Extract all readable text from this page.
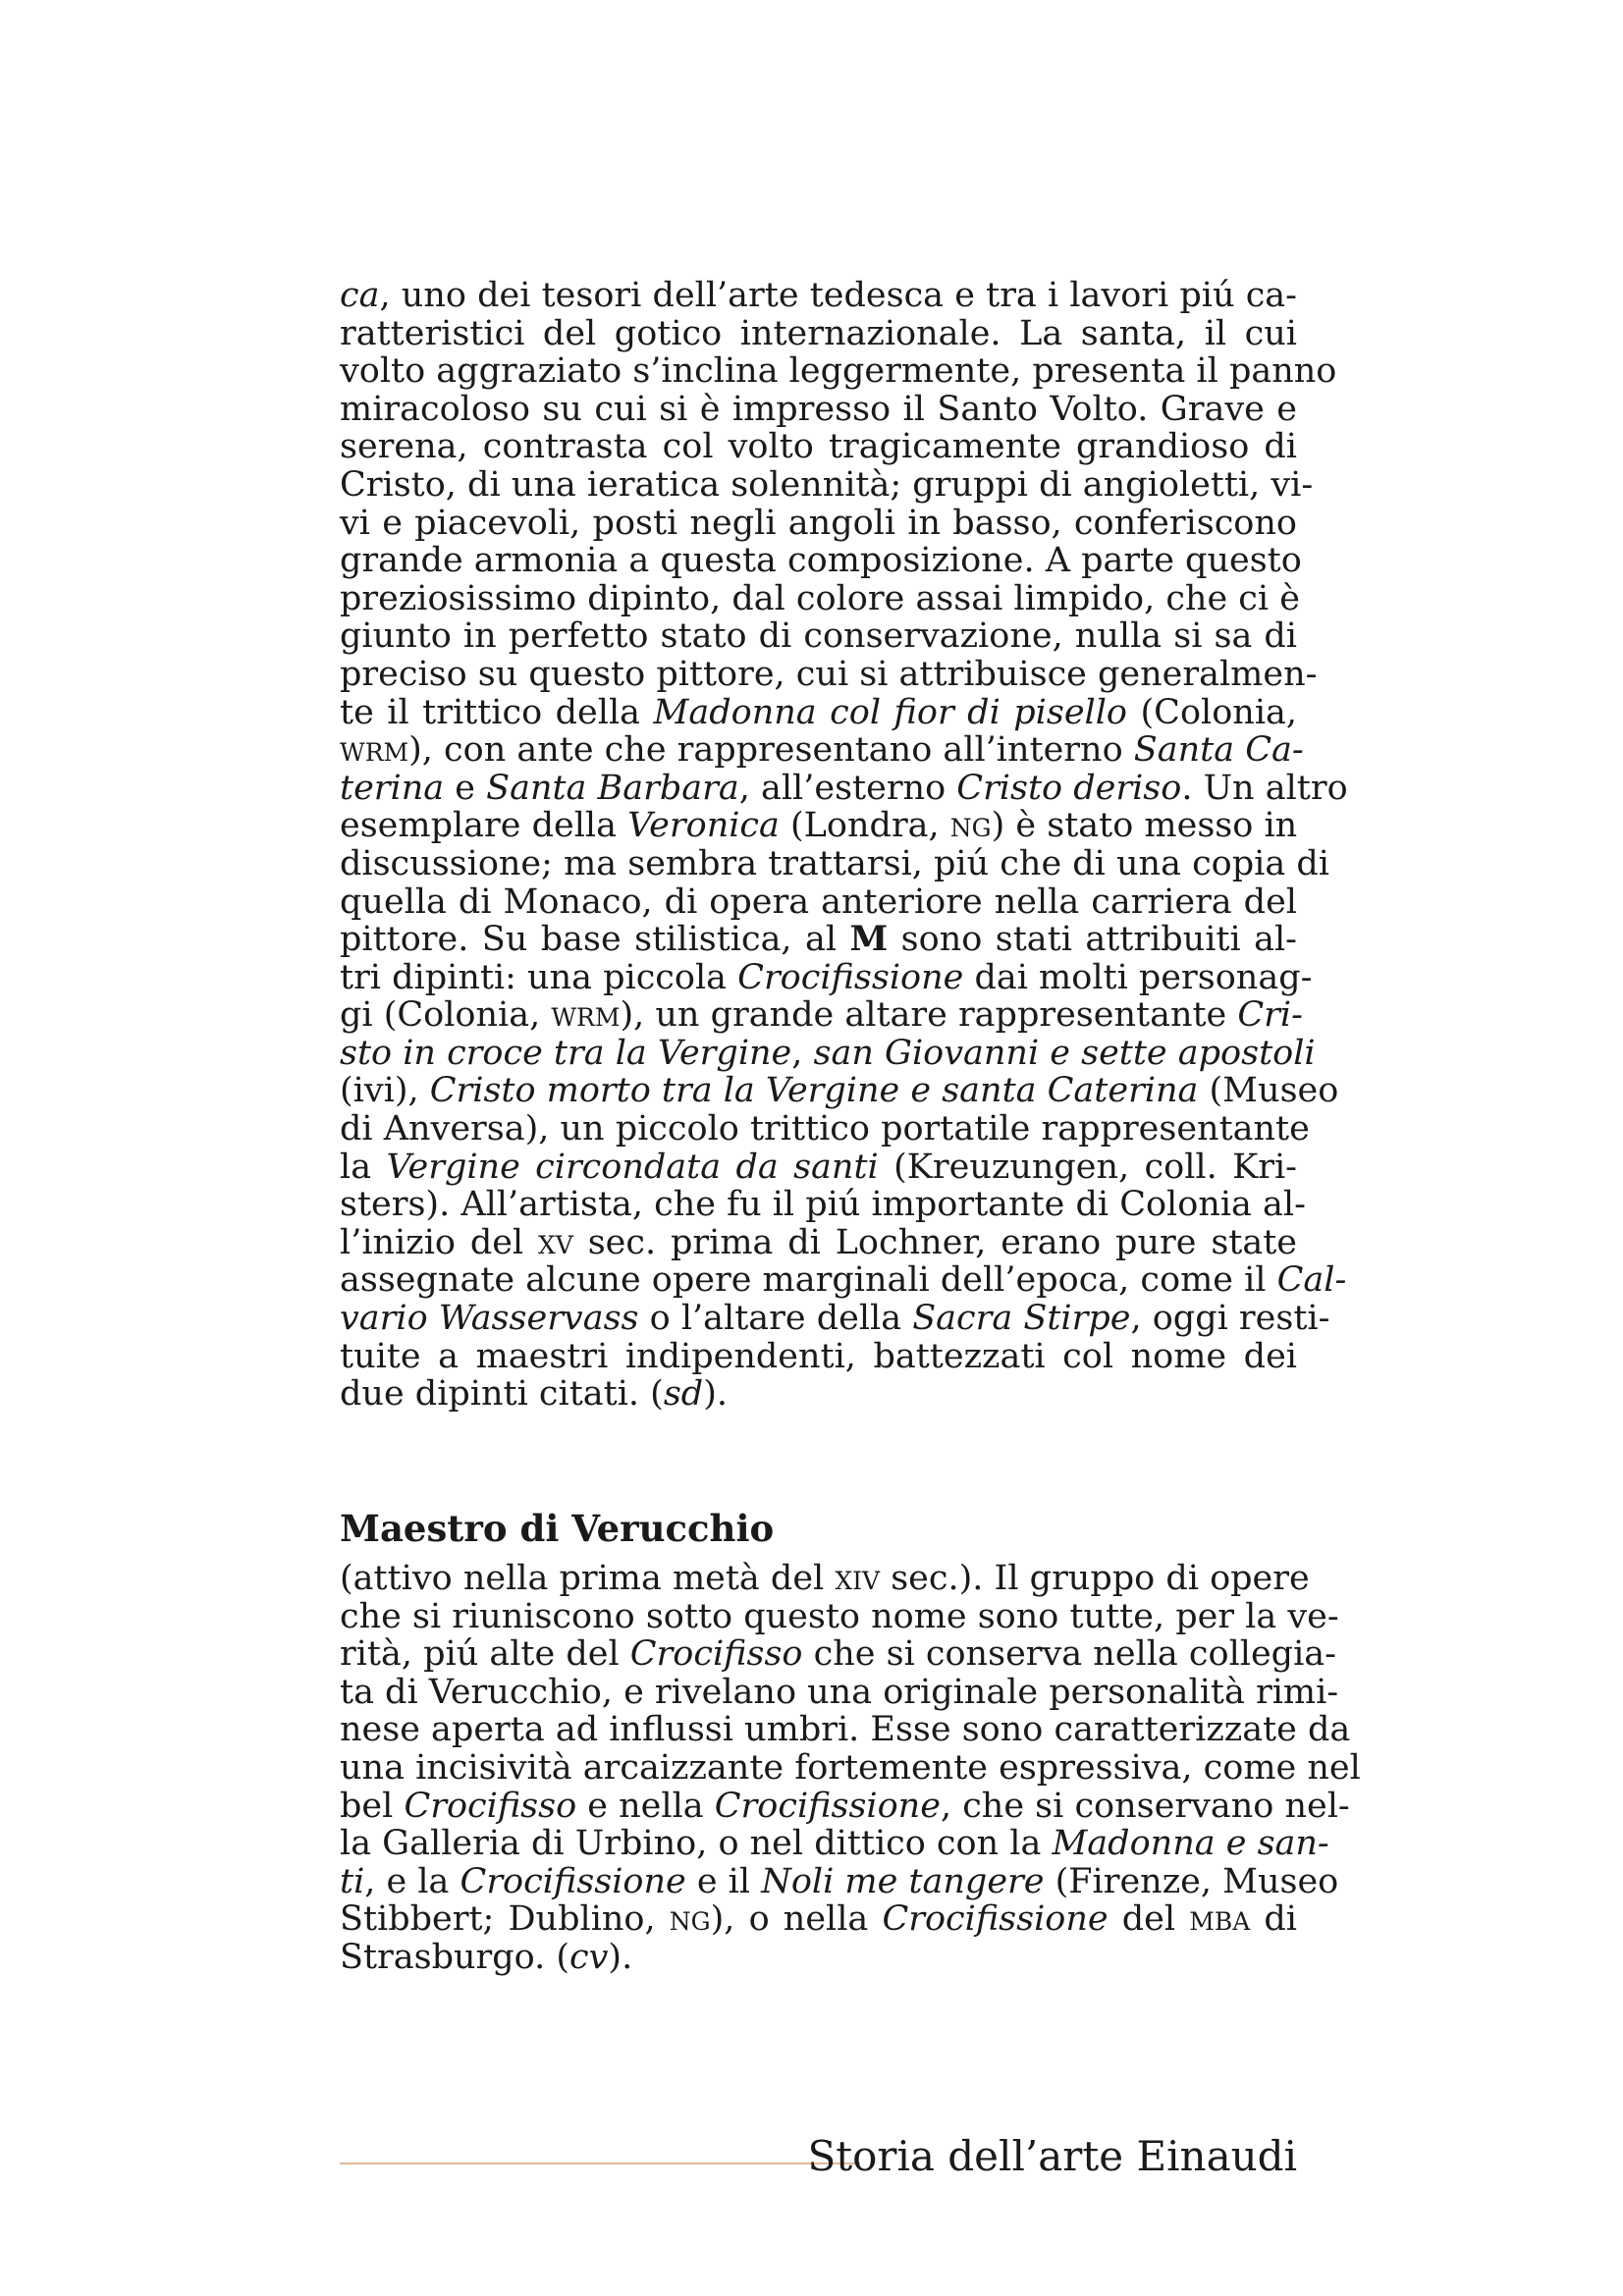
ca, uno dei tesori dell’arte tedesca e tra i lavori piú ca-
ratteristici del gotico internazionale. La santa, il cui
volto aggraziato s’inclina leggermente, presenta il panno
miracoloso su cui si è impresso il Santo Volto. Grave e
serena, contrasta col volto tragicamente grandioso di
Cristo, di una ieratica solennità; gruppi di angioletti, vi-
vi e piacevoli, posti negli angoli in basso, conferiscono
grande armonia a questa composizione. A parte questo
preziosissimo dipinto, dal colore assai limpido, che ci è
giunto in perfetto stato di conservazione, nulla si sa di
preciso su questo pittore, cui si attribuisce generalmen-
te il trittico della Madonna col fior di pisello (Colonia,
wrm), con ante che rappresentano all’interno Santa Ca-
terina e Santa Barbara, all’esterno Cristo deriso. Un altro
esemplare della Veronica (Londra, ng) è stato messo in
discussione; ma sembra trattarsi, piú che di una copia di
quella di Monaco, di opera anteriore nella carriera del
pittore. Su base stilistica, al M sono stati attribuiti al-
tri dipinti: una piccola Crocifissione dai molti personag-
gi (Colonia, wrm), un grande altare rappresentante Cri-
sto in croce tra la Vergine, san Giovanni e sette apostoli
(ivi), Cristo morto tra la Vergine e santa Caterina (Museo
di Anversa), un piccolo trittico portatile rappresentante
la Vergine circondata da santi (Kreuzungen, coll. Kri-
sters). All’artista, che fu il piú importante di Colonia al-
l’inizio del xv sec. prima di Lochner, erano pure state
assegnate alcune opere marginali dell’epoca, come il Cal-
vario Wasservass o l’altare della Sacra Stirpe, oggi resti-
tuite a maestri indipendenti, battezzati col nome dei
due dipinti citati. (sd).
Maestro di Verucchio
(attivo nella prima metà del xiv sec.). Il gruppo di opere
che si riuniscono sotto questo nome sono tutte, per la ve-
rità, piú alte del Crocifisso che si conserva nella collegia-
ta di Verucchio, e rivelano una originale personalità rimi-
nese aperta ad influssi umbri. Esse sono caratterizzate da
una incisività arcaizzante fortemente espressiva, come nel
bel Crocifisso e nella Crocifissione, che si conservano nel-
la Galleria di Urbino, o nel dittico con la Madonna e san-
ti, e la Crocifissione e il Noli me tangere (Firenze, Museo
Stibbert; Dublino, ng), o nella Crocifissione del mba di
Strasburgo. (cv).
Storia dell’arte Einaudi
